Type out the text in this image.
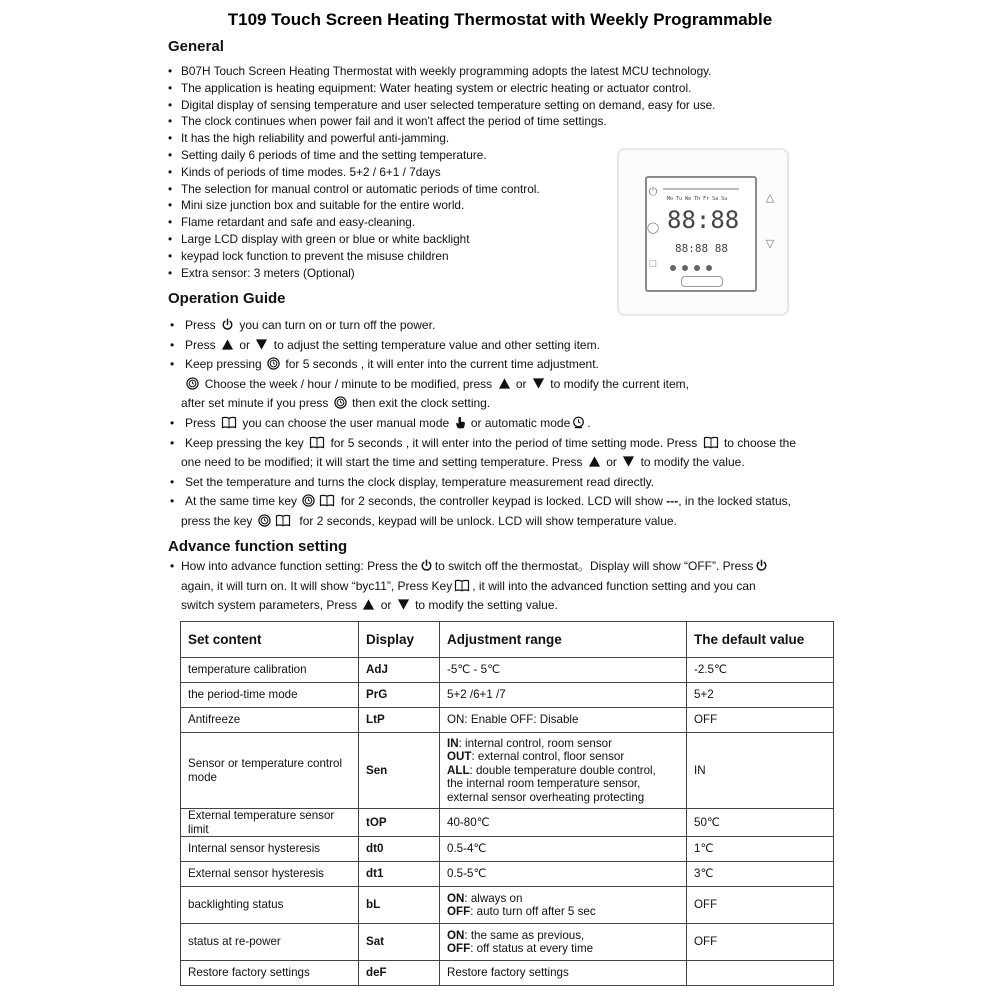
T109 Touch Screen Heating Thermostat with Weekly Programmable
General
• B07H Touch Screen Heating Thermostat with weekly programming adopts the latest MCU technology.
• The application is heating equipment: Water heating system or electric heating or actuator control.
• Digital display of sensing temperature and user selected temperature setting on demand, easy for use.
• The clock continues when power fail and it won't affect the period of time settings.
• It has the high reliability and powerful anti-jamming.
• Setting daily 6 periods of time and the setting temperature.
• Kinds of periods of time modes. 5+2 / 6+1 / 7days
• The selection for manual control or automatic periods of time control.
• Mini size junction box and suitable for the entire world.
• Flame retardant and safe and easy-cleaning.
• Large LCD display with green or blue or white backlight
• keypad lock function to prevent the misuse children
• Extra sensor: 3 meters (Optional)
Mo Tu We Th Fr Sa Su
88:88
88:88 88
⏻
◯
□
△
▽
Operation Guide
• Press you can turn on or turn off the power.
• Press or to adjust the setting temperature value and other setting item.
• Keep pressing for 5 seconds , it will enter into the current time adjustment.

Choose the week / hour / minute to be modified, press or to modify the current item,
after set minute if you press then exit the clock setting.
• Press you can choose the user manual mode or automatic mode .
• Keep pressing the key for 5 seconds , it will enter into the period of time setting mode. Press to choose the
one need to be modified; it will start the time and setting temperature. Press or to modify the value.
• Set the temperature and turns the clock display, temperature measurement read directly.
• At the same time key	for 2 seconds, the controller keypad is locked. LCD will show ---, in the locked status,
press the key	for 2 seconds, keypad will be unlock. LCD will show temperature value.
Advance function setting
• How into advance function setting: Press the to switch off the thermostat。Display will show “OFF”. Press

again, it will turn on. It will show “byc11”, Press Key , it will into the advanced function setting and you can
switch system parameters, Press or to modify the setting value.
Set content	Display	Adjustment range	The default value
temperature calibration	AdJ	-5℃ - 5℃	-2.5℃
the period-time mode	PrG	5+2 /6+1 /7	5+2
Antifreeze	LtP	ON: Enable OFF: Disable	OFF
Sensor or temperature control mode	Sen	IN: internal control, room sensor
OUT: external control, floor sensor
ALL: double temperature double control,
the internal room temperature sensor,
external sensor overheating protecting	IN
External temperature sensor limit	tOP	40-80℃	50℃
Internal sensor hysteresis	dt0	0.5-4℃	1℃
External sensor hysteresis	dt1	0.5-5℃	3℃
backlighting status	bL	ON: always on
OFF: auto turn off after 5 sec	OFF
status at re-power	Sat	ON: the same as previous,
OFF: off status at every time	OFF
Restore factory settings	deF	Restore factory settings	
